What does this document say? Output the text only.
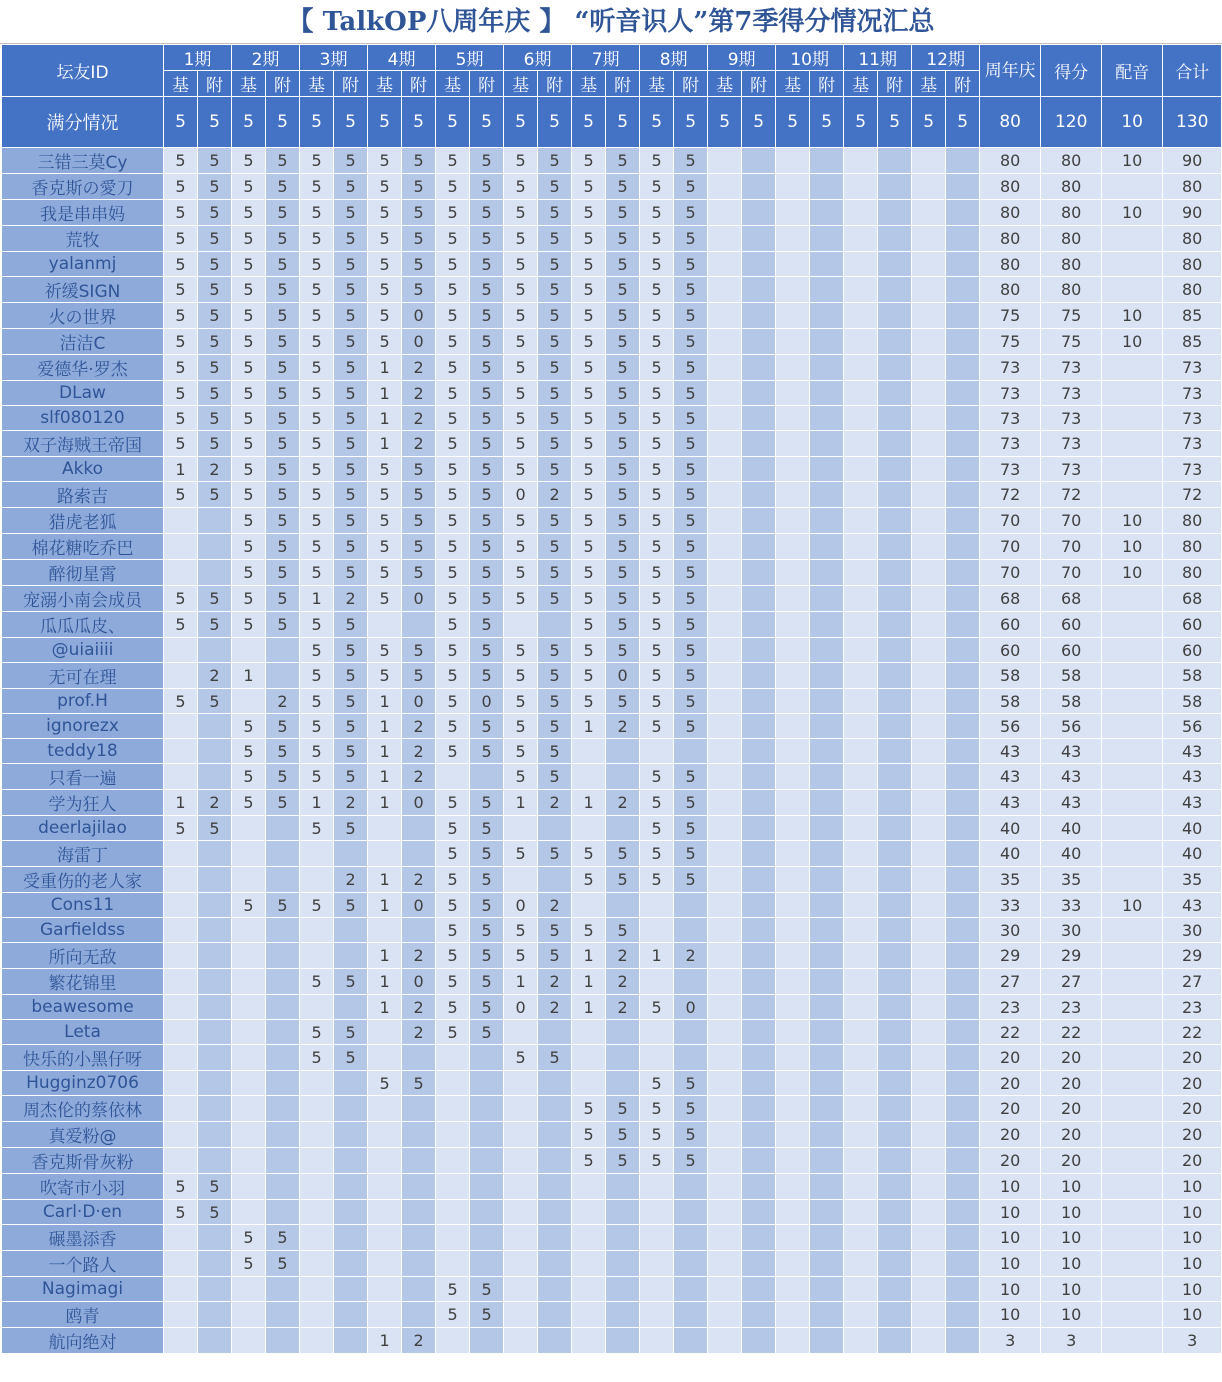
【 TalkOP八周年庆 】 “听音识人”第7季得分情况汇总
坛友ID	1期		2期		3期		4期		5期		6期		7期		8期		9期		10期		11期		12期		周年庆	得分	配音	合计
	基	附	基	附	基	附	基	附	基	附	基	附	基	附	基	附	基	附	基	附	基	附	基	附				
满分情况	5	5	5	5	5	5	5	5	5	5	5	5	5	5	5	5	5	5	5	5	5	5	5	5	80	120	10	130
三错三莫Cy	5	5	5	5	5	5	5	5	5	5	5	5	5	5	5	5									80	80	10	90
香克斯の愛刀	5	5	5	5	5	5	5	5	5	5	5	5	5	5	5	5									80	80		80
我是串串妈	5	5	5	5	5	5	5	5	5	5	5	5	5	5	5	5									80	80	10	90
荒牧	5	5	5	5	5	5	5	5	5	5	5	5	5	5	5	5									80	80		80
yalanmj	5	5	5	5	5	5	5	5	5	5	5	5	5	5	5	5									80	80		80
祈缓SIGN	5	5	5	5	5	5	5	5	5	5	5	5	5	5	5	5									80	80		80
火の世界	5	5	5	5	5	5	5	0	5	5	5	5	5	5	5	5									75	75	10	85
洁洁C	5	5	5	5	5	5	5	0	5	5	5	5	5	5	5	5									75	75	10	85
爱德华·罗杰	5	5	5	5	5	5	1	2	5	5	5	5	5	5	5	5									73	73		73
DLaw	5	5	5	5	5	5	1	2	5	5	5	5	5	5	5	5									73	73		73
slf080120	5	5	5	5	5	5	1	2	5	5	5	5	5	5	5	5									73	73		73
双子海贼王帝国	5	5	5	5	5	5	1	2	5	5	5	5	5	5	5	5									73	73		73
Akko	1	2	5	5	5	5	5	5	5	5	5	5	5	5	5	5									73	73		73
路索吉	5	5	5	5	5	5	5	5	5	5	0	2	5	5	5	5									72	72		72
猎虎老狐			5	5	5	5	5	5	5	5	5	5	5	5	5	5									70	70	10	80
棉花糖吃乔巴			5	5	5	5	5	5	5	5	5	5	5	5	5	5									70	70	10	80
醉彻星霄			5	5	5	5	5	5	5	5	5	5	5	5	5	5									70	70	10	80
宠溺小南会成员	5	5	5	5	1	2	5	0	5	5	5	5	5	5	5	5									68	68		68
瓜瓜瓜皮、	5	5	5	5	5	5			5	5			5	5	5	5									60	60		60
@uiaiiii					5	5	5	5	5	5	5	5	5	5	5	5									60	60		60
无可在理		2	1		5	5	5	5	5	5	5	5	5	0	5	5									58	58		58
prof.H	5	5		2	5	5	1	0	5	0	5	5	5	5	5	5									58	58		58
ignorezx			5	5	5	5	1	2	5	5	5	5	1	2	5	5									56	56		56
teddy18			5	5	5	5	1	2	5	5	5	5													43	43		43
只看一遍			5	5	5	5	1	2			5	5			5	5									43	43		43
学为狂人	1	2	5	5	1	2	1	0	5	5	1	2	1	2	5	5									43	43		43
deerlajilao	5	5			5	5			5	5					5	5									40	40		40
海雷丁									5	5	5	5	5	5	5	5									40	40		40
受重伤的老人家						2	1	2	5	5			5	5	5	5									35	35		35
Cons11			5	5	5	5	1	0	5	5	0	2													33	33	10	43
Garfieldss									5	5	5	5	5	5											30	30		30
所向无敌							1	2	5	5	5	5	1	2	1	2									29	29		29
繁花锦里					5	5	1	0	5	5	1	2	1	2											27	27		27
beawesome							1	2	5	5	0	2	1	2	5	0									23	23		23
Leta					5	5		2	5	5															22	22		22
快乐的小黑仔呀					5	5					5	5													20	20		20
Hugginz0706							5	5							5	5									20	20		20
周杰伦的蔡依林													5	5	5	5									20	20		20
真爱粉@													5	5	5	5									20	20		20
香克斯骨灰粉													5	5	5	5									20	20		20
吹寄市小羽	5	5																							10	10		10
Carl·D·en	5	5																							10	10		10
碾墨添香			5	5																					10	10		10
一个路人			5	5																					10	10		10
Nagimagi									5	5															10	10		10
鸥青									5	5															10	10		10
航向绝对							1	2																	3	3		3
